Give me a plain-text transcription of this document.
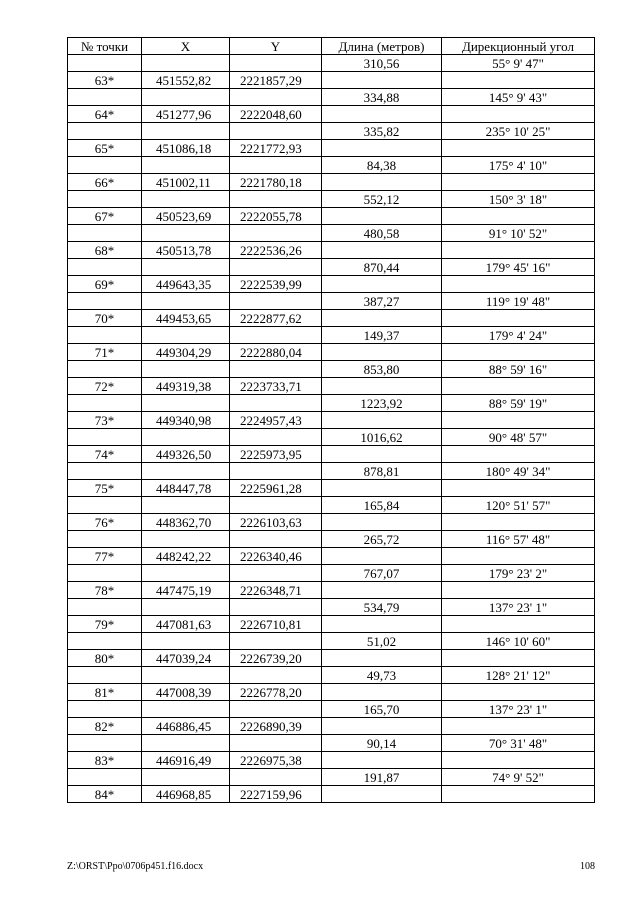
№ точки	X	Y	Длина (метров)	Дирекционный угол
			310,56	55° 9' 47"
63*	451552,82	2221857,29		
			334,88	145° 9' 43"
64*	451277,96	2222048,60		
			335,82	235° 10' 25"
65*	451086,18	2221772,93		
			84,38	175° 4' 10"
66*	451002,11	2221780,18		
			552,12	150° 3' 18"
67*	450523,69	2222055,78		
			480,58	91° 10' 52"
68*	450513,78	2222536,26		
			870,44	179° 45' 16"
69*	449643,35	2222539,99		
			387,27	119° 19' 48"
70*	449453,65	2222877,62		
			149,37	179° 4' 24"
71*	449304,29	2222880,04		
			853,80	88° 59' 16"
72*	449319,38	2223733,71		
			1223,92	88° 59' 19"
73*	449340,98	2224957,43		
			1016,62	90° 48' 57"
74*	449326,50	2225973,95		
			878,81	180° 49' 34"
75*	448447,78	2225961,28		
			165,84	120° 51' 57"
76*	448362,70	2226103,63		
			265,72	116° 57' 48"
77*	448242,22	2226340,46		
			767,07	179° 23' 2"
78*	447475,19	2226348,71		
			534,79	137° 23' 1"
79*	447081,63	2226710,81		
			51,02	146° 10' 60"
80*	447039,24	2226739,20		
			49,73	128° 21' 12"
81*	447008,39	2226778,20		
			165,70	137° 23' 1"
82*	446886,45	2226890,39		
			90,14	70° 31' 48"
83*	446916,49	2226975,38		
			191,87	74° 9' 52"
84*	446968,85	2227159,96		
Z:\ORST\Ppo\0706p451.f16.docx	108
